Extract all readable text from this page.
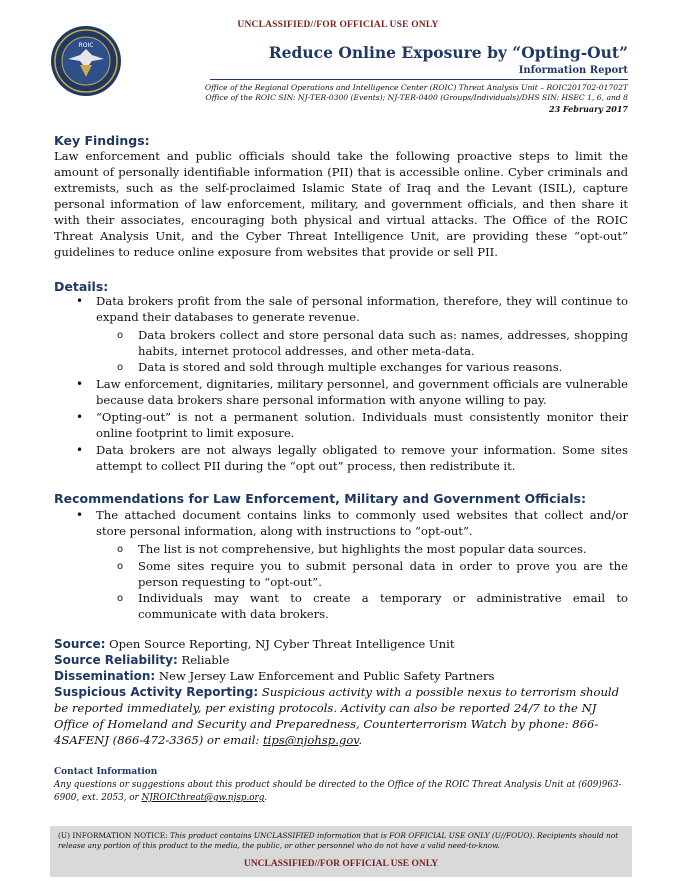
UNCLASSIFIED//FOR OFFICIAL USE ONLY
ROIC	Reduce Online Exposure by “Opting-Out”
Information Report
Office of the Regional Operations and Intelligence Center (ROIC) Threat Analysis Unit – ROIC201702-01702T
Office of the ROIC SIN: NJ-TER-0300 (Events); NJ-TER-0400 (Groups/Individuals)/DHS SIN: HSEC 1, 6, and 8
23 February 2017
Key Findings:
Law enforcement and public officials should take the following proactive steps to limit the amount of personally identifiable information (PII) that is accessible online. Cyber criminals and extremists, such as the self-proclaimed Islamic State of Iraq and the Levant (ISIL), capture personal information of law enforcement, military, and government officials, and then share it with their associates, encouraging both physical and virtual attacks. The Office of the ROIC Threat Analysis Unit, and the Cyber Threat Intelligence Unit, are providing these “opt-out” guidelines to reduce online exposure from websites that provide or sell PII.
Details:
• Data brokers profit from the sale of personal information, therefore, they will continue to expand their databases to generate revenue.
o Data brokers collect and store personal data such as: names, addresses, shopping habits, internet protocol addresses, and other meta-data.
o Data is stored and sold through multiple exchanges for various reasons.
• Law enforcement, dignitaries, military personnel, and government officials are vulnerable because data brokers share personal information with anyone willing to pay.
• “Opting-out” is not a permanent solution. Individuals must consistently monitor their online footprint to limit exposure.
• Data brokers are not always legally obligated to remove your information. Some sites attempt to collect PII during the “opt out” process, then redistribute it.
Recommendations for Law Enforcement, Military and Government Officials:
• The attached document contains links to commonly used websites that collect and/or store personal information, along with instructions to “opt-out”.
o The list is not comprehensive, but highlights the most popular data sources.
o Some sites require you to submit personal data in order to prove you are the person requesting to “opt-out”.
o Individuals may want to create a temporary or administrative email to communicate with data brokers.
Source: Open Source Reporting, NJ Cyber Threat Intelligence Unit
Source Reliability: Reliable
Dissemination: New Jersey Law Enforcement and Public Safety Partners
Suspicious Activity Reporting: Suspicious activity with a possible nexus to terrorism should be reported immediately, per existing protocols. Activity can also be reported 24/7 to the NJ Office of Homeland and Security and Preparedness, Counterterrorism Watch by phone: 866-4SAFENJ (866-472-3365) or email: tips@njohsp.gov.
Contact Information
Any questions or suggestions about this product should be directed to the Office of the ROIC Threat Analysis Unit at (609)963-6900, ext. 2053, or NJROICthreat@gw.njsp.org.
(U) INFORMATION NOTICE: This product contains UNCLASSIFIED information that is FOR OFFICIAL USE ONLY (U//FOUO). Recipients should not release any portion of this product to the media, the public, or other personnel who do not have a valid need-to-know.
UNCLASSIFIED//FOR OFFICIAL USE ONLY
